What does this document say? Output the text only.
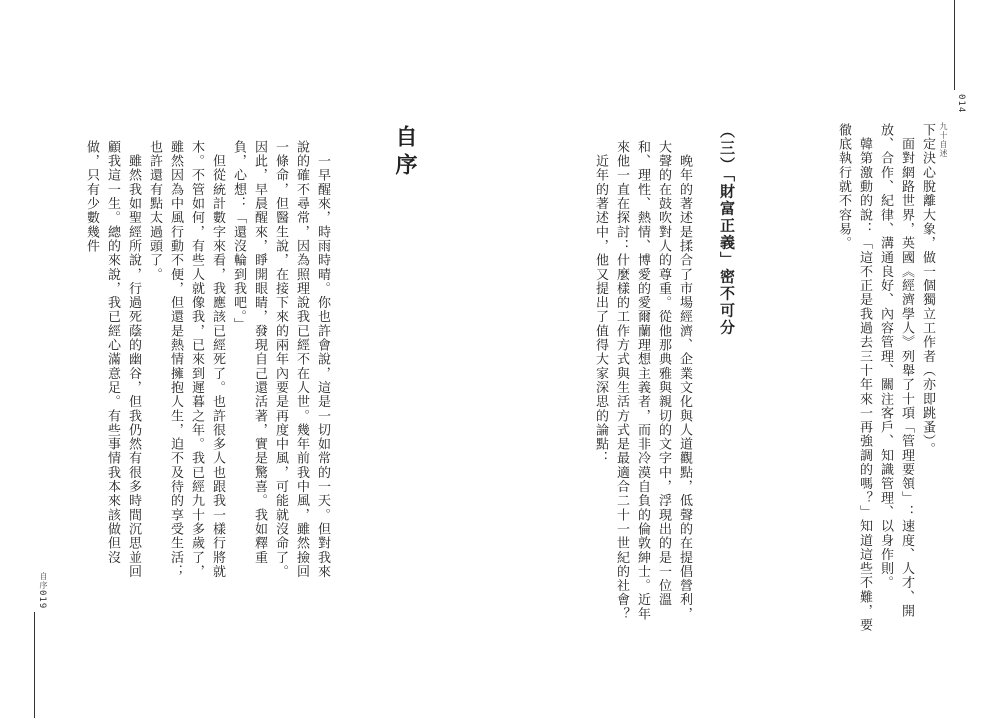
014
九十自述

下定決心脫離大象，做一個獨立工作者（亦即跳蚤）。

　面對網路世界，英國《經濟學人》列舉了十項「管理要領」：速度、人才、開放、合作、紀律、溝通良好、內容管理、關注客戶、知識管理、以身作則。

　韓第激動的說：「這不正是我過去三十年來一再強調的嗎？」知道這些不難，要徹底執行就不容易。

（三）「財富正義」密不可分

　晚年的著述是揉合了市場經濟、企業文化與人道觀點，低聲的在提倡營利，大聲的在鼓吹對人的尊重。從他那典雅與親切的文字中，浮現出的是一位溫和、理性、熱情、博愛的愛爾蘭理想主義者，而非冷漠自負的倫敦紳士。近年來他一直在探討：什麼樣的工作方式與生活方式是最適合二十一世紀的社會？

　近年的著述中，他又提出了值得大家深思的論點：

自序

　一早醒來，時雨時晴。你也許會說，這是一切如常的一天。但對我來說的確不尋常，因為照理說我已經不在人世。幾年前我中風，雖然撿回一條命，但醫生說，在接下來的兩年內要是再度中風，可能就沒命了。因此，早晨醒來，睜開眼睛，發現自己還活著，實是驚喜。我如釋重負，心想：「還沒輪到我吧。」

　但從統計數字來看，我應該已經死了。也許很多人也跟我一樣行將就木。不管如何，有些人就像我，已來到遲暮之年。我已經九十多歲了，雖然因為中風行動不便，但還是熱情擁抱人生，迫不及待的享受生活；也許還有點太過頭了。

　雖然我如聖經所說，行過死蔭的幽谷，但我仍然有很多時間沉思並回顧我這一生。總的來說，我已經心滿意足。有些事情我本來該做但沒做，只有少數幾件

自序
019
